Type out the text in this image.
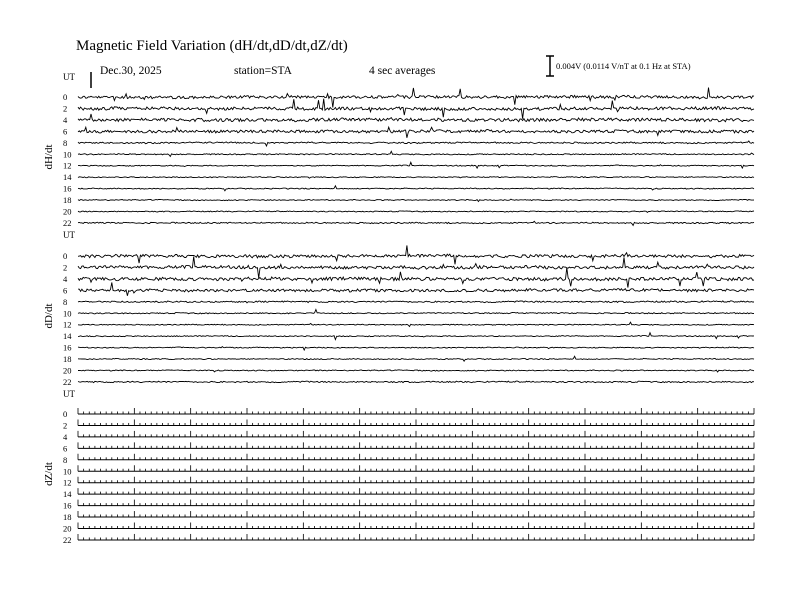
Magnetic Field Variation (dH/dt,dD/dt,dZ/dt)
Dec.30, 2025	station=STA	4 sec averages	0.004V (0.0114 V/nT at 0.1 Hz at STA)
UT
dH/dt
0
2
4
6
8
10
12
14
16
18
20
22
UT
dD/dt
0
2
4
6
8
10
12
14
16
18
20
22
UT
dZ/dt
0
2
4
6
8
10
12
14
16
18
20
22
